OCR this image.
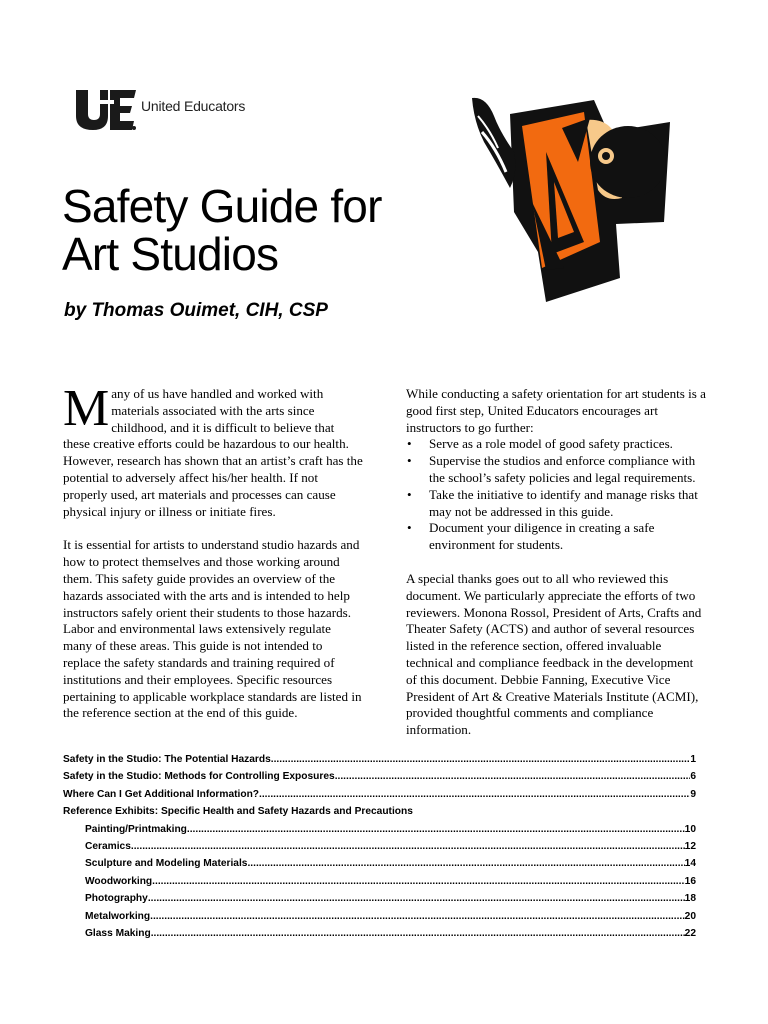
United Educators
Safety Guide for
Art Studios
by Thomas Ouimet, CIH, CSP

Many of us have handled and worked with materials associated with the arts since childhood, and it is difficult to believe that these creative efforts could be hazardous to our health. However, research has shown that an artist’s craft has the potential to adversely affect his/her health. If not properly used, art materials and processes can cause physical injury or illness or initiate fires.

It is essential for artists to understand studio hazards and how to protect themselves and those working around them. This safety guide provides an overview of the hazards associated with the arts and is intended to help instructors safely orient their students to those hazards. Labor and environmental laws extensively regulate many of these areas. This guide is not intended to replace the safety standards and training required of institutions and their employees. Specific resources pertaining to applicable workplace standards are listed in the reference section at the end of this guide.

While conducting a safety orientation for art students is a good first step, United Educators encourages art instructors to go further:

• Serve as a role model of good safety practices.
• Supervise the studios and enforce compliance with the school’s safety policies and legal requirements.
• Take the initiative to identify and manage risks that may not be addressed in this guide.
• Document your diligence in creating a safe environment for students.

A special thanks goes out to all who reviewed this document. We particularly appreciate the efforts of two reviewers. Monona Rossol, President of Arts, Crafts and Theater Safety (ACTS) and author of several resources listed in the reference section, offered invaluable technical and compliance feedback in the development of this document. Debbie Fanning, Executive Vice President of Art & Creative Materials Institute (ACMI), provided thoughtful comments and compliance information.

Safety in the Studio: The Potential Hazards .....	1
Safety in the Studio: Methods for Controlling Exposures .....	6
Where Can I Get Additional Information? .....	9
Reference Exhibits: Specific Health and Safety Hazards and Precautions
Painting/Printmaking .....	10
Ceramics .....	12
Sculpture and Modeling Materials .....	14
Woodworking .....	16
Photography .....	18
Metalworking .....	20
Glass Making .....	22
